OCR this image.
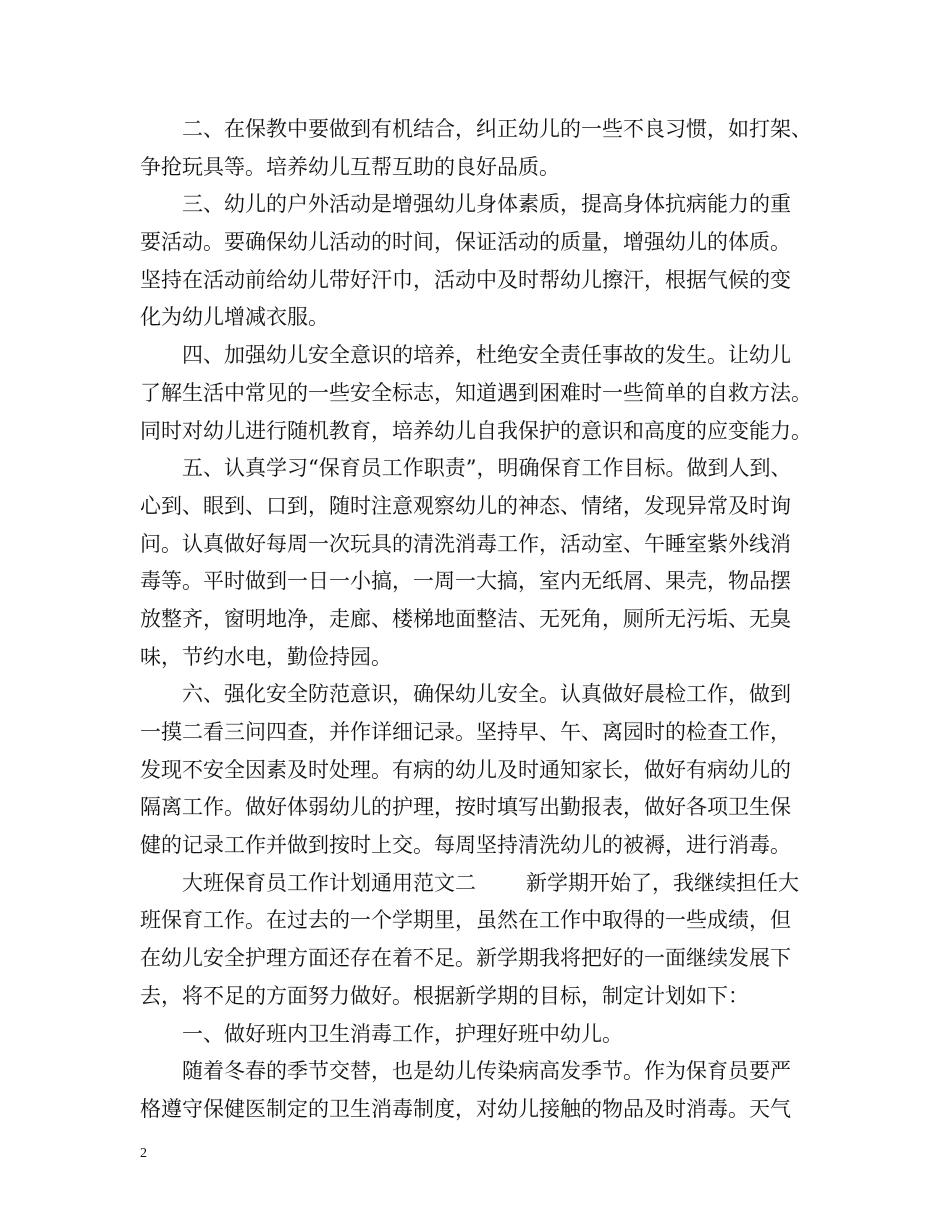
二、在保教中要做到有机结合，纠正幼儿的一些不良习惯，如打架、
争抢玩具等。培养幼儿互帮互助的良好品质。
三、幼儿的户外活动是增强幼儿身体素质，提高身体抗病能力的重
要活动。要确保幼儿活动的时间，保证活动的质量，增强幼儿的体质。
坚持在活动前给幼儿带好汗巾，活动中及时帮幼儿擦汗，根据气候的变
化为幼儿增减衣服。
四、加强幼儿安全意识的培养，杜绝安全责任事故的发生。让幼儿
了解生活中常见的一些安全标志，知道遇到困难时一些简单的自救方法。
同时对幼儿进行随机教育，培养幼儿自我保护的意识和高度的应变能力。
五、认真学习“保育员工作职责”，明确保育工作目标。做到人到、
心到、眼到、口到，随时注意观察幼儿的神态、情绪，发现异常及时询
问。认真做好每周一次玩具的清洗消毒工作，活动室、午睡室紫外线消
毒等。平时做到一日一小搞，一周一大搞，室内无纸屑、果壳，物品摆
放整齐，窗明地净，走廊、楼梯地面整洁、无死角，厕所无污垢、无臭
味，节约水电，勤俭持园。
六、强化安全防范意识，确保幼儿安全。认真做好晨检工作，做到
一摸二看三问四查，并作详细记录。坚持早、午、离园时的检查工作，
发现不安全因素及时处理。有病的幼儿及时通知家长，做好有病幼儿的
隔离工作。做好体弱幼儿的护理，按时填写出勤报表，做好各项卫生保
健的记录工作并做到按时上交。每周坚持清洗幼儿的被褥，进行消毒。
大班保育员工作计划通用范文二 新学期开始了，我继续担任大
班保育工作。在过去的一个学期里，虽然在工作中取得的一些成绩，但
在幼儿安全护理方面还存在着不足。新学期我将把好的一面继续发展下
去，将不足的方面努力做好。根据新学期的目标，制定计划如下：
一、做好班内卫生消毒工作，护理好班中幼儿。
随着冬春的季节交替，也是幼儿传染病高发季节。作为保育员要严
格遵守保健医制定的卫生消毒制度，对幼儿接触的物品及时消毒。天气
2
